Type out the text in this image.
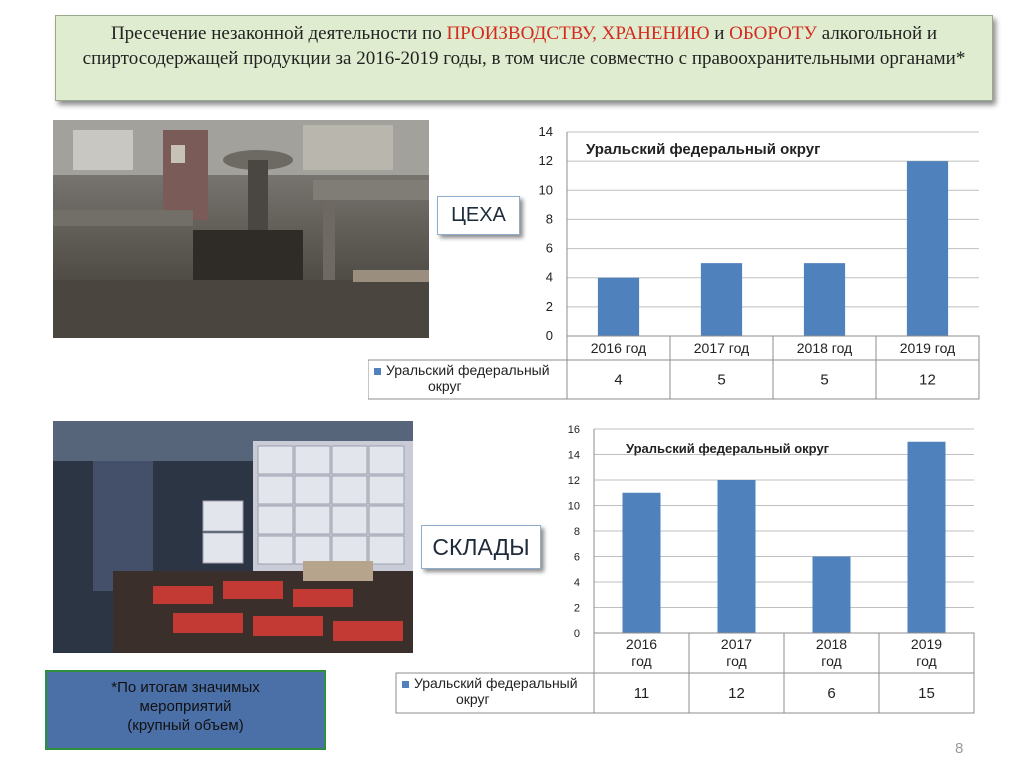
Пресечение незаконной деятельности по ПРОИЗВОДСТВУ, ХРАНЕНИЮ и ОБОРОТУ алкогольной и спиртосодержащей продукции за 2016-2019 годы, в том числе совместно с правоохранительными органами*
ЦЕХА
СКЛАДЫ
0
2
4
6
8
10
12
14
Уральский федеральный округ
2016 год
4
2017 год
5
2018 год
5
2019 год
12
Уральский федеральный
округ
0
2
4
6
8
10
12
14
16
Уральский федеральный округ
2016
год
11
2017
год
12
2018
год
6
2019
год
15
Уральский федеральный
округ
*По итогам значимых
мероприятий
(крупный объем)
8
